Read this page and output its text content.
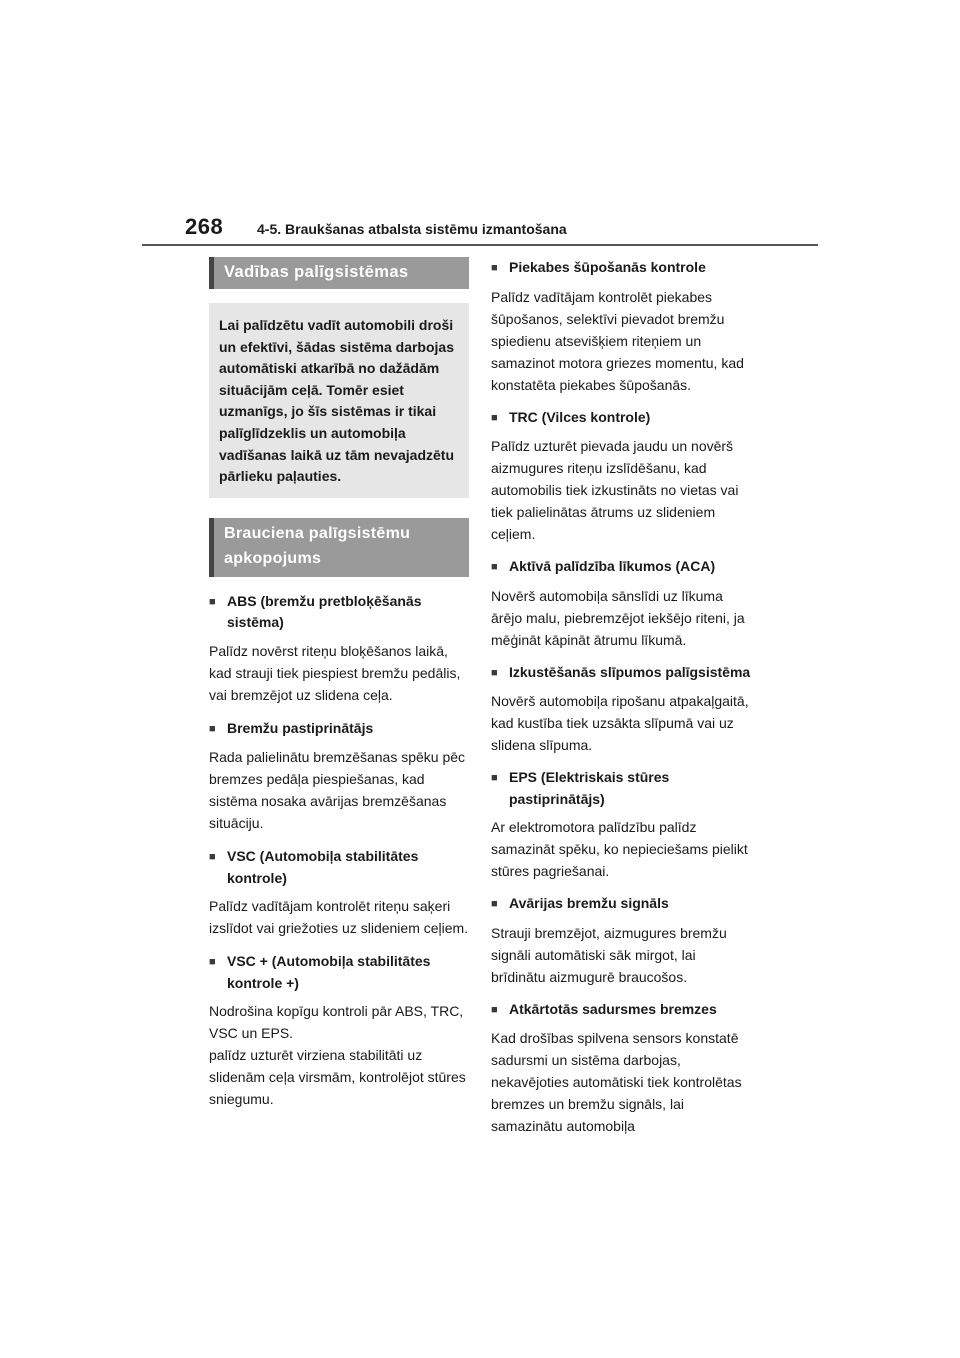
268 4-5. Braukšanas atbalsta sistēmu izmantošana
Vadības palīgsistēmas
Lai palīdzētu vadīt automobili droši un efektīvi, šādas sistēma darbojas automātiski atkarībā no dažādām situācijām ceļā. Tomēr esiet uzmanīgs, jo šīs sistēmas ir tikai palīglīdzeklis un automobiļa vadīšanas laikā uz tām nevajadzētu pārlieku paļauties.
Brauciena palīgsistēmu apkopojums
■ ABS (bremžu pretbloķēšanās sistēma)
Palīdz novērst riteņu bloķēšanos laikā, kad strauji tiek piespiest bremžu pedālis, vai bremzējot uz slidena ceļa.
■ Bremžu pastiprinātājs
Rada palielinātu bremzēšanas spēku pēc bremzes pedāļa piespiešanas, kad sistēma nosaka avārijas bremzēšanas situāciju.
■ VSC (Automobiļa stabilitātes kontrole)
Palīdz vadītājam kontrolēt riteņu saķeri izslīdot vai griežoties uz slideniem ceļiem.
■ VSC + (Automobiļa stabilitātes kontrole +)
Nodrošina kopīgu kontroli pār ABS, TRC, VSC un EPS.
palīdz uzturēt virziena stabilitāti uz slidenām ceļa virsmām, kontrolējot stūres sniegumu.
■ Piekabes šūpošanās kontrole
Palīdz vadītājam kontrolēt piekabes šūpošanos, selektīvi pievadot bremžu spiedienu atsevišķiem riteņiem un samazinot motora griezes momentu, kad konstatēta piekabes šūpošanās.
■ TRC (Vilces kontrole)
Palīdz uzturēt pievada jaudu un novērš aizmugures riteņu izslīdēšanu, kad automobilis tiek izkustināts no vietas vai tiek palielinātas ātrums uz slideniem ceļiem.
■ Aktīvā palīdzība līkumos (ACA)
Novērš automobiļa sānslīdi uz līkuma ārējo malu, piebremzējot iekšējo riteni, ja mēģināt kāpināt ātrumu līkumā.
■ Izkustēšanās slīpumos palīgsistēma
Novērš automobiļa ripošanu atpakaļgaitā, kad kustība tiek uzsākta slīpumā vai uz slidena slīpuma.
■ EPS (Elektriskais stūres pastiprinātājs)
Ar elektromotora palīdzību palīdz samazināt spēku, ko nepieciešams pielikt stūres pagriešanai.
■ Avārijas bremžu signāls
Strauji bremzējot, aizmugures bremžu signāli automātiski sāk mirgot, lai brīdinātu aizmugurē braucošos.
■ Atkārtotās sadursmes bremzes
Kad drošības spilvena sensors konstatē sadursmi un sistēma darbojas, nekavējoties automātiski tiek kontrolētas bremzes un bremžu signāls, lai samazinātu automobiļa
